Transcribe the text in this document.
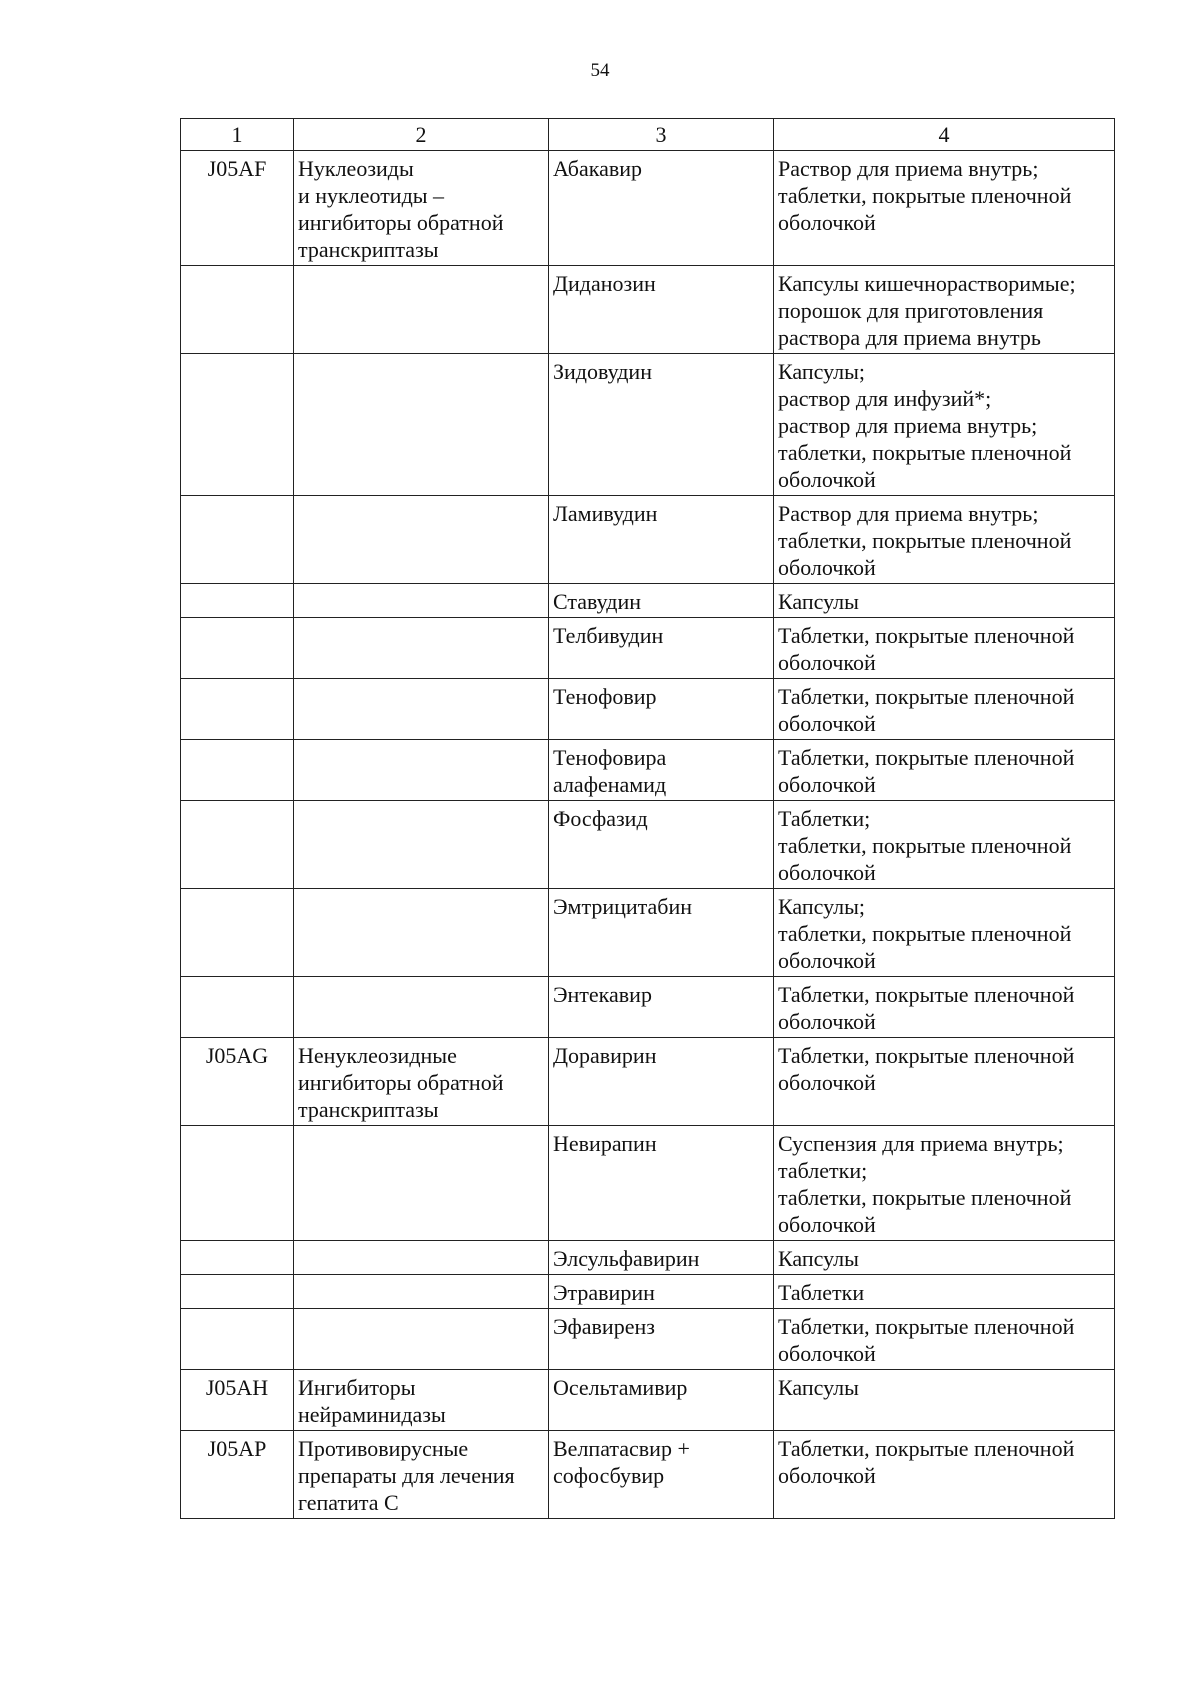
54
1	2	3	4
J05AF	Нуклеозиды
и нуклеотиды –
ингибиторы обратной
транскриптазы	Абакавир	Раствор для приема внутрь;
таблетки, покрытые пленочной
оболочкой
		Диданозин	Капсулы кишечнорастворимые;
порошок для приготовления
раствора для приема внутрь
		Зидовудин	Капсулы;
раствор для инфузий*;
раствор для приема внутрь;
таблетки, покрытые пленочной
оболочкой
		Ламивудин	Раствор для приема внутрь;
таблетки, покрытые пленочной
оболочкой
		Ставудин	Капсулы
		Телбивудин	Таблетки, покрытые пленочной
оболочкой
		Тенофовир	Таблетки, покрытые пленочной
оболочкой
		Тенофовира
алафенамид	Таблетки, покрытые пленочной
оболочкой
		Фосфазид	Таблетки;
таблетки, покрытые пленочной
оболочкой
		Эмтрицитабин	Капсулы;
таблетки, покрытые пленочной
оболочкой
		Энтекавир	Таблетки, покрытые пленочной
оболочкой
J05AG	Ненуклеозидные
ингибиторы обратной
транскриптазы	Доравирин	Таблетки, покрытые пленочной
оболочкой
		Невирапин	Суспензия для приема внутрь;
таблетки;
таблетки, покрытые пленочной
оболочкой
		Элсульфавирин	Капсулы
		Этравирин	Таблетки
		Эфавиренз	Таблетки, покрытые пленочной
оболочкой
J05AH	Ингибиторы
нейраминидазы	Осельтамивир	Капсулы
J05AP	Противовирусные
препараты для лечения
гепатита С	Велпатасвир +
софосбувир	Таблетки, покрытые пленочной
оболочкой
